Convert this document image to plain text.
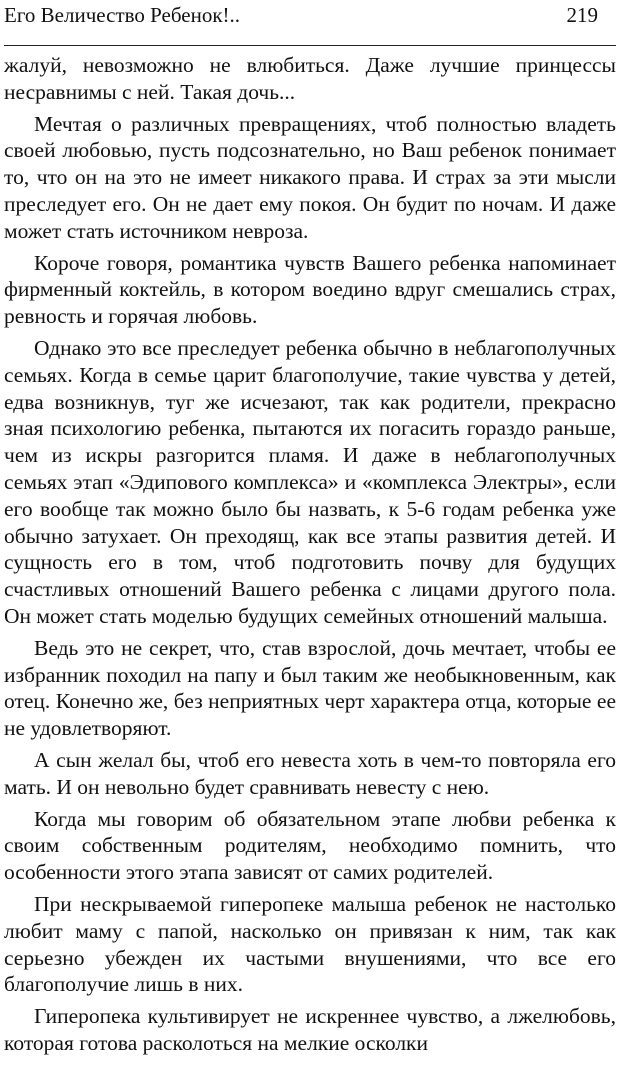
Его Величество Ребенок!..	219

жалуй, невозможно не влюбиться. Даже лучшие принцессы несравнимы с ней. Такая дочь...

Мечтая о различных превращениях, чтоб полностью владеть своей любовью, пусть подсознательно, но Ваш ребенок понимает то, что он на это не имеет никакого права. И страх за эти мысли преследует его. Он не дает ему покоя. Он будит по ночам. И даже может стать источником невроза.

Короче говоря, романтика чувств Вашего ребенка напоминает фирменный коктейль, в котором воедино вдруг смешались страх, ревность и горячая любовь.

Однако это все преследует ребенка обычно в неблагополучных семьях. Когда в семье царит благополучие, такие чувства у детей, едва возникнув, туг же исчезают, так как родители, прекрасно зная психологию ребенка, пытаются их погасить гораздо раньше, чем из искры разгорится пламя. И даже в неблагополучных семьях этап «Эдипового комплекса» и «комплекса Электры», если его вообще так можно было бы назвать, к 5-6 годам ребенка уже обычно затухает. Он преходящ, как все этапы развития детей. И сущность его в том, чтоб подготовить почву для будущих счастливых отношений Вашего ребенка с лицами другого пола. Он может стать моделью будущих семейных отношений малыша.

Ведь это не секрет, что, став взрослой, дочь мечтает, чтобы ее избранник походил на папу и был таким же необыкновенным, как отец. Конечно же, без неприятных черт характера отца, которые ее не удовлетворяют.

А сын желал бы, чтоб его невеста хоть в чем-то повторяла его мать. И он невольно будет сравнивать невесту с нею.

Когда мы говорим об обязательном этапе любви ребенка к своим собственным родителям, необходимо помнить, что особенности этого этапа зависят от самих родителей.

При нескрываемой гиперопеке малыша ребенок не настолько любит маму с папой, насколько он привязан к ним, так как серьезно убежден их частыми внушениями, что все его благополучие лишь в них.

Гиперопека культивирует не искреннее чувство, а лжелюбовь, которая готова расколоться на мелкие осколки
